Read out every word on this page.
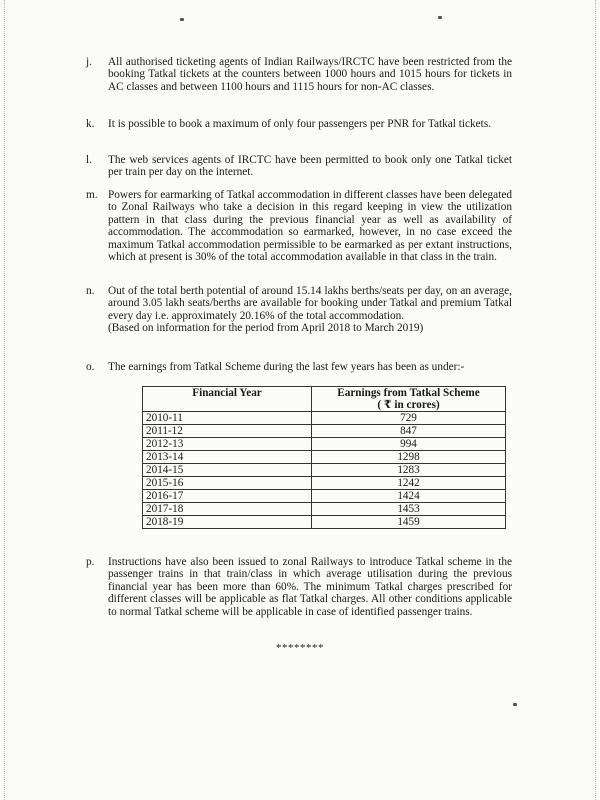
j.	All authorised ticketing agents of Indian Railways/IRCTC have been restricted from the booking Tatkal tickets at the counters between 1000 hours and 1015 hours for tickets in AC classes and between 1100 hours and 1115 hours for non-AC classes.

k.	It is possible to book a maximum of only four passengers per PNR for Tatkal tickets.

l.	The web services agents of IRCTC have been permitted to book only one Tatkal ticket per train per day on the internet.

m. Powers for earmarking of Tatkal accommodation in different classes have been delegated to Zonal Railways who take a decision in this regard keeping in view the utilization pattern in that class during the previous financial year as well as availability of accommodation. The accommodation so earmarked, however, in no case exceed the maximum Tatkal accommodation permissible to be earmarked as per extant instructions, which at present is 30% of the total accommodation available in that class in the train.

n.	Out of the total berth potential of around 15.14 lakhs berths/seats per day, on an average, around 3.05 lakh seats/berths are available for booking under Tatkal and premium Tatkal every day i.e. approximately 20.16% of the total accommodation.

(Based on information for the period from April 2018 to March 2019)

o.	The earnings from Tatkal Scheme during the last few years has been as under:-

Financial Year	Earnings from Tatkal Scheme
( ₹ in crores)

2010-11	729
2011-12	847
2012-13	994
2013-14	1298
2014-15	1283
2015-16	1242
2016-17	1424
2017-18	1453
2018-19	1459
p.	Instructions have also been issued to zonal Railways to introduce Tatkal scheme in the passenger trains in that train/class in which average utilisation during the previous financial year has been more than 60%. The minimum Tatkal charges prescribed for different classes will be applicable as flat Tatkal charges. All other conditions applicable to normal Tatkal scheme will be applicable in case of identified passenger trains.

********
